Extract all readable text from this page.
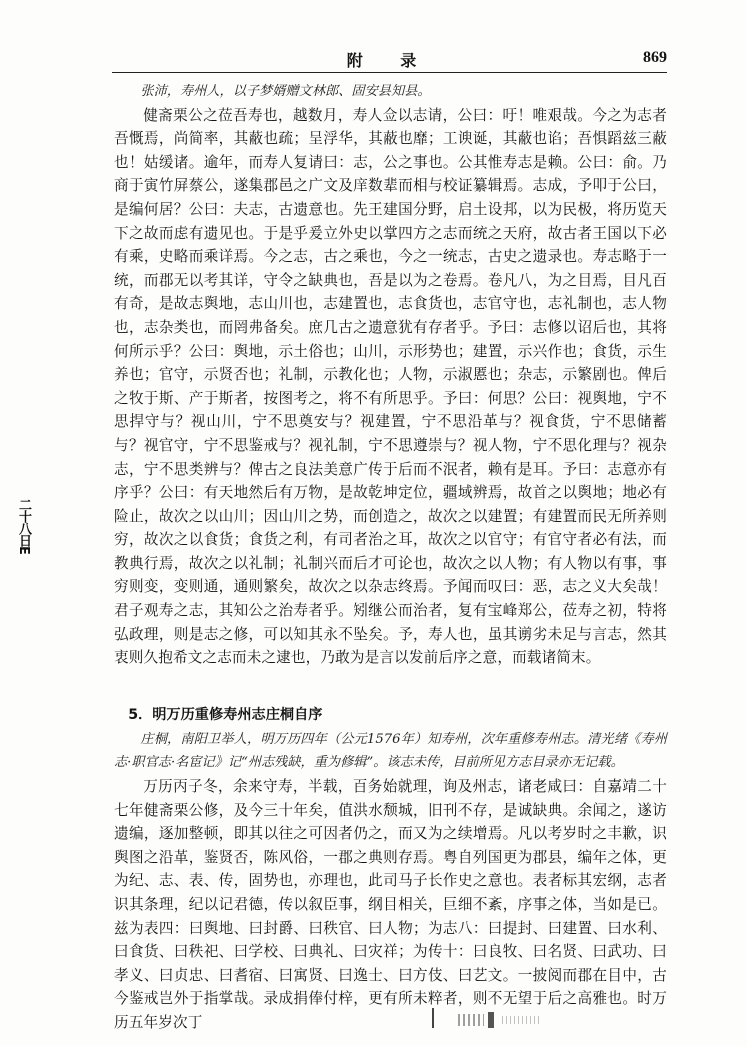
附 录	869
二十八日E

张沛，寿州人，以子梦婿赠文林郎、固安县知县。

健斋栗公之莅吾寿也，越数月，寿人佥以志请，公曰：吁！唯艰哉。今之为志者吾慨焉，尚简率，其蔽也疏；呈浮华，其蔽也靡；工谀诞，其蔽也谄；吾惧蹈兹三蔽也！姑缓诸。逾年，而寿人复请曰：志，公之事也。公其惟寿志是赖。公曰：俞。乃商于寅竹屏蔡公，遂集郡邑之广文及庠数辈而相与校证纂辑焉。志成，予叩于公曰，是编何居？公曰：夫志，古遗意也。先王建国分野，启土设邦，以为民极，将历览天下之故而虑有遗见也。于是乎爰立外史以掌四方之志而统之天府，故古者王国以下必有乘，史略而乘详焉。今之志，古之乘也，今之一统志，古史之遗录也。寿志略于一统，而郡无以考其详，守令之缺典也，吾是以为之卷焉。卷凡八，为之目焉，目凡百有奇，是故志舆地，志山川也，志建置也，志食货也，志官守也，志礼制也，志人物也，志杂类也，而罔弗备矣。庶几古之遗意犹有存者乎。予曰：志修以诏后也，其将何所示乎？公曰：舆地，示土俗也；山川，示形势也；建置，示兴作也；食货，示生养也；官守，示贤否也；礼制，示教化也；人物，示淑慝也；杂志，示繁剧也。俾后之牧于斯、产于斯者，按图考之，将不有所思乎。予曰：何思？公曰：视舆地，宁不思捍守与？视山川，宁不思奠安与？视建置，宁不思沿革与？视食货，宁不思储蓄与？视官守，宁不思鉴戒与？视礼制，宁不思遵崇与？视人物，宁不思化理与？视杂志，宁不思类辨与？俾古之良法美意广传于后而不泯者，赖有是耳。予曰：志意亦有序乎？公曰：有天地然后有万物，是故乾坤定位，疆域辨焉，故首之以舆地；地必有险止，故次之以山川；因山川之势，而创造之，故次之以建置；有建置而民无所养则穷，故次之以食货；食货之利，有司者治之耳，故次之以官守；有官守者必有法，而教典行焉，故次之以礼制；礼制兴而后才可论也，故次之以人物；有人物以有事，事穷则变，变则通，通则繁矣，故次之以杂志终焉。予闻而叹曰：恶，志之义大矣哉！君子观寿之志，其知公之治寿者乎。矧继公而治者，复有宝峰郑公，莅寿之初，特将弘政理，则是志之修，可以知其永不坠矣。予，寿人也，虽其谫劣未足与言志，然其衷则久抱希文之志而未之逮也，乃敢为是言以发前后序之意，而载诸简末。

5．明万历重修寿州志庄桐自序

庄桐，南阳卫举人，明万历四年（公元1576年）知寿州，次年重修寿州志。清光绪《寿州志·职官志·名宦记》记“州志残缺，重为修辑”。该志未传，目前所见方志目录亦无记载。

万历丙子冬，余来守寿，半载，百务始就理，询及州志，诸老咸曰：自嘉靖二十七年健斋栗公修，及今三十年矣，值洪水颓城，旧刊不存，是诚缺典。余闻之，遂访遗编，逐加整顿，即其以往之可因者仍之，而又为之续增焉。凡以考岁时之丰歉，识舆图之沿革，鉴贤否，陈风俗，一郡之典则存焉。粤自列国更为郡县，编年之体，更为纪、志、表、传，固势也，亦理也，此司马子长作史之意也。表者标其宏纲，志者识其条理，纪以记君德，传以叙臣事，纲目相关，巨细不紊，序事之体，当如是已。兹为表四：曰舆地、曰封爵、曰秩官、曰人物；为志八：曰提封、曰建置、曰水利、曰食货、曰秩祀、曰学校、曰典礼、曰灾祥；为传十：曰良牧、曰名贤、曰武功、曰孝义、曰贞忠、曰耆宿、曰寓贤、曰逸士、曰方伎、曰艺文。一披阅而郡在目中，古今鉴戒岂外于指掌哉。录成捐俸付梓，更有所未粹者，则不无望于后之高雅也。时万历五年岁次丁
